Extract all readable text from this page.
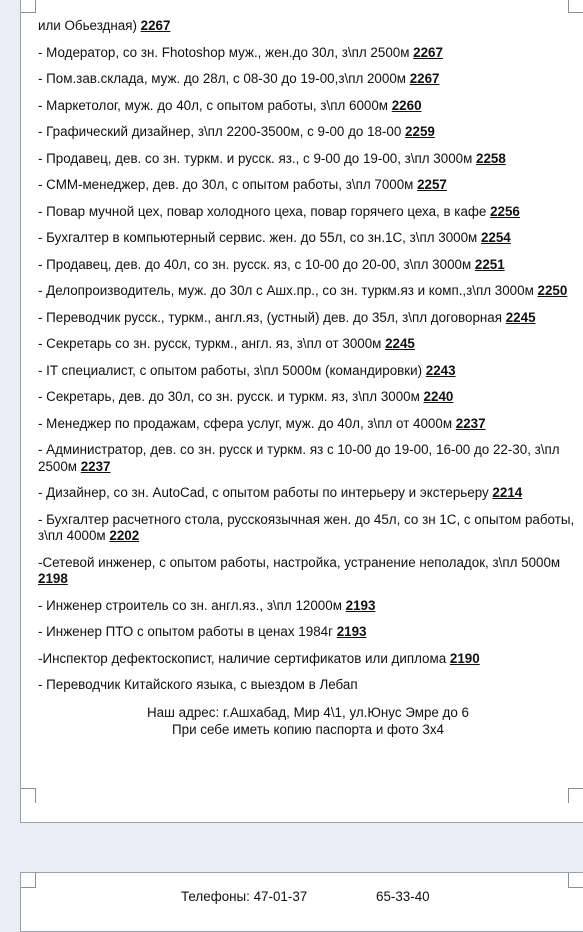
или Обьездная) 2267
- Модератор, со зн. Fhotoshop муж., жен.до 30л, з\пл 2500м 2267
- Пом.зав.склада, муж. до 28л, с 08-30 до 19-00,з\пл 2000м 2267
- Маркетолог, муж. до 40л, с опытом работы, з\пл 6000м 2260
- Графический дизайнер, з\пл 2200-3500м, с 9-00 до 18-00 2259
- Продавец, дев. со зн. туркм. и русск. яз., с 9-00 до 19-00, з\пл 3000м 2258
- СММ-менеджер, дев. до 30л, с опытом работы, з\пл 7000м 2257
- Повар мучной цех, повар холодного цеха, повар горячего цеха, в кафе 2256
- Бухгалтер в компьютерный сервис. жен. до 55л, со зн.1С, з\пл 3000м 2254
- Продавец, дев. до 40л, со зн. русск. яз, с 10-00 до 20-00, з\пл 3000м 2251
- Делопроизводитель, муж. до 30л с Ашх.пр., со зн. туркм.яз и комп.,з\пл 3000м 2250
- Переводчик русск., туркм., англ.яз, (устный) дев. до 35л, з\пл договорная 2245
- Секретарь со зн. русск, туркм., англ. яз, з\пл от 3000м 2245
- IT специалист, с опытом работы, з\пл 5000м (командировки) 2243
- Секретарь, дев. до 30л, со зн. русск. и туркм. яз, з\пл 3000м 2240
- Менеджер по продажам, сфера услуг, муж. до 40л, з\пл от 4000м 2237
- Администратор, дев. со зн. русск и туркм. яз с 10-00 до 19-00, 16-00 до 22-30, з\пл 2500м 2237
- Дизайнер, со зн. AutoCad, с опытом работы по интерьеру и экстерьеру 2214
- Бухгалтер расчетного стола, русскоязычная жен. до 45л, со зн 1С, с опытом работы, з\пл 4000м 2202
-Сетевой инженер, с опытом работы, настройка, устранение неполадок, з\пл 5000м 2198
- Инженер строитель со зн. англ.яз., з\пл 12000м 2193
- Инженер ПТО с опытом работы в ценах 1984г 2193
-Инспектор дефектоскопист, наличие сертификатов или диплома 2190
- Переводчик Китайского языка, с выездом в Лебап
Наш адрес: г.Ашхабад, Мир 4\1, ул.Юнус Эмре до 6
При себе иметь копию паспорта и фото 3х4
Телефоны: 47-01-37	65-33-40
